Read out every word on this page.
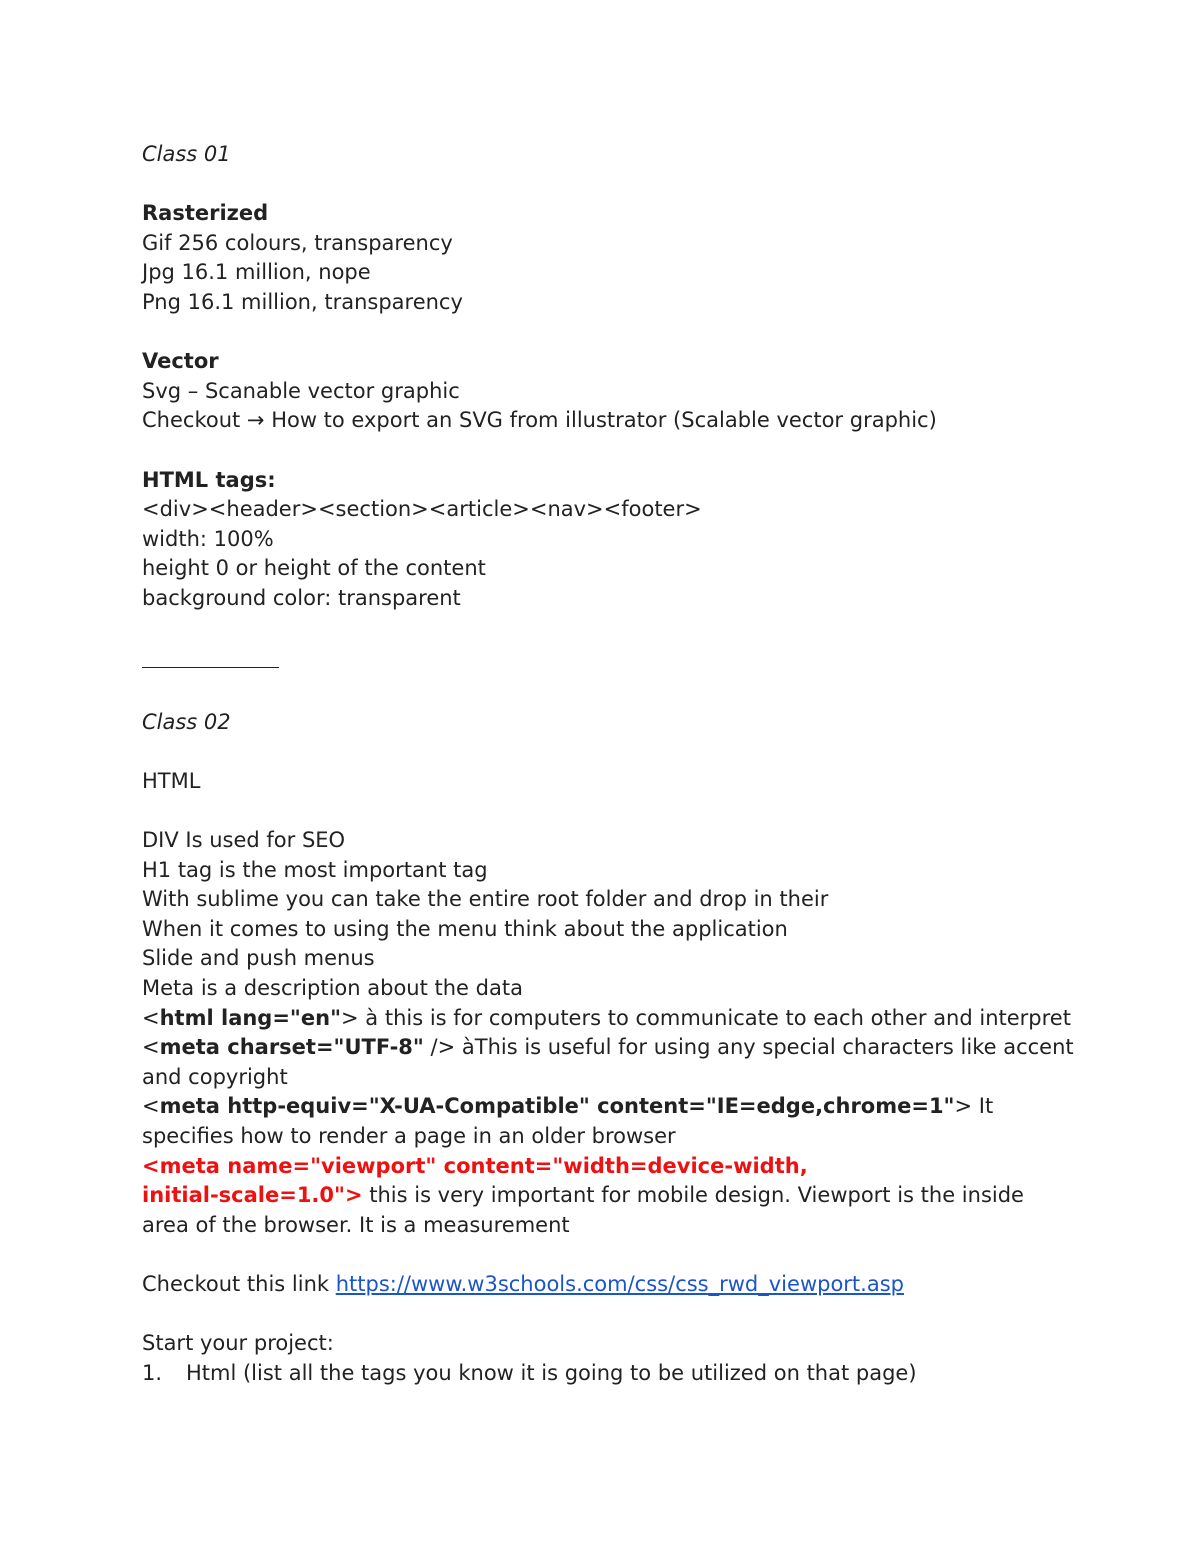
Class 01
Rasterized
Gif 256 colours, transparency
Jpg 16.1 million, nope
Png 16.1 million, transparency
Vector
Svg – Scanable vector graphic
Checkout → How to export an SVG from illustrator (Scalable vector graphic)
HTML tags:
<div><header><section><article><nav><footer>
width: 100%
height 0 or height of the content
background color: transparent
Class 02
HTML
DIV Is used for SEO
H1 tag is the most important tag
With sublime you can take the entire root folder and drop in their
When it comes to using the menu think about the application
Slide and push menus
Meta is a description about the data
<html lang="en"> à this is for computers to communicate to each other and interpret
<meta charset="UTF-8" /> àThis is useful for using any special characters like accent and copyright
<meta http-equiv="X-UA-Compatible" content="IE=edge,chrome=1"> It specifies how to render a page in an older browser
<meta name="viewport" content="width=device-width,
initial-scale=1.0"> this is very important for mobile design. Viewport is the inside
area of the browser. It is a measurement
Checkout this link https://www.w3schools.com/css/css_rwd_viewport.asp
Start your project:
1. Html (list all the tags you know it is going to be utilized on that page)
